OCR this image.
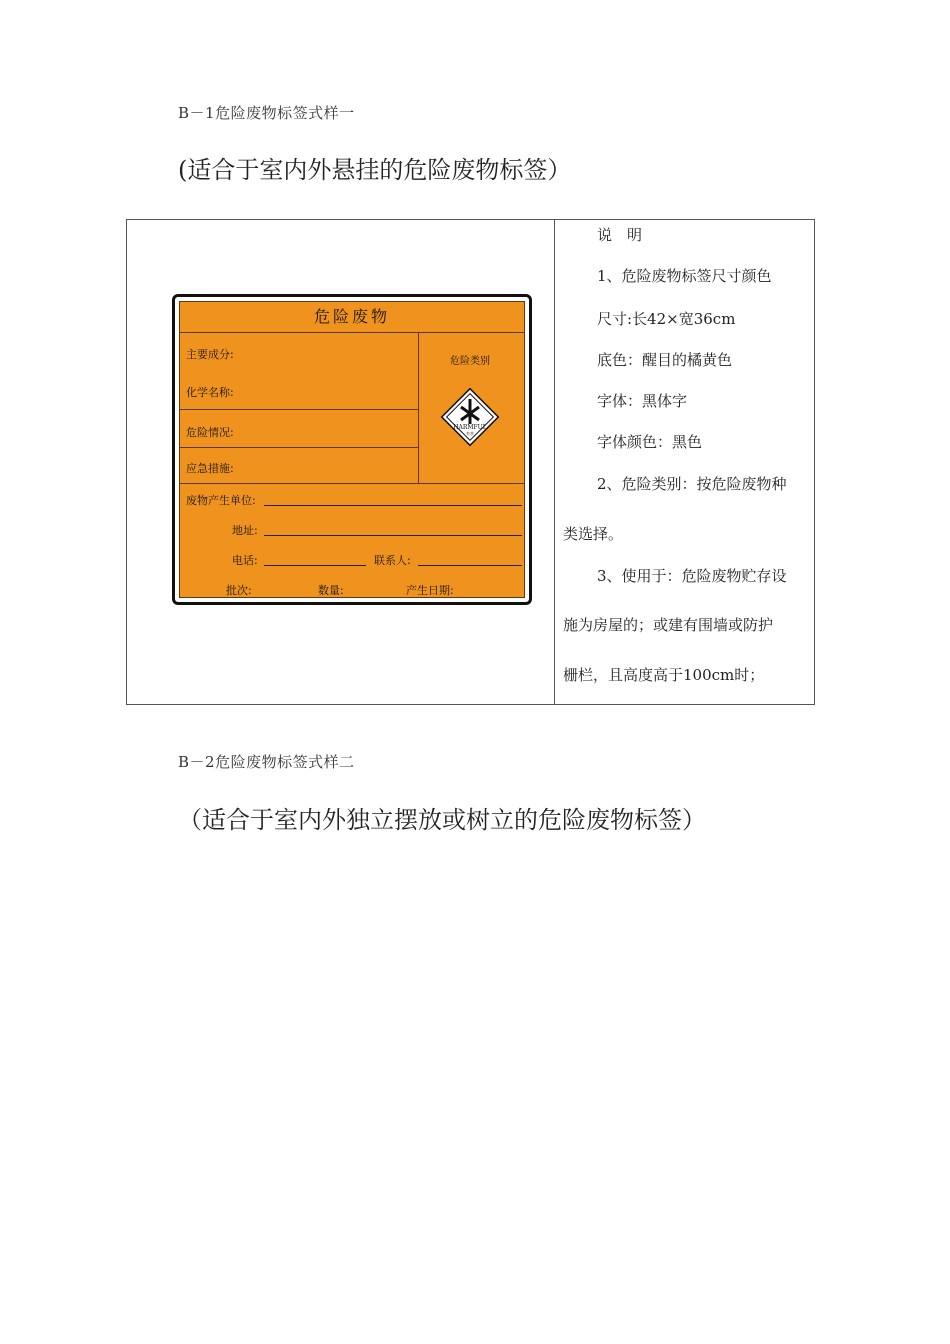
B－1危险废物标签式样一
(适合于室内外悬挂的危险废物标签）
危险废物
主要成分:
化学名称:
危险情况:
应急措施:
危险类别
HARMFUL
有害
废物产生单位:
地址:
电话:	联系人:
批次:	数量:	产生日期:
说　明
1、危险废物标签尺寸颜色
尺寸:长42×宽36cm
底色：醒目的橘黄色
字体：黑体字
字体颜色：黑色
2、危险类别：按危险废物种
类选择。
3、使用于：危险废物贮存设
施为房屋的；或建有围墙或防护
栅栏，且高度高于100cm时；
B－2危险废物标签式样二
（适合于室内外独立摆放或树立的危险废物标签）
